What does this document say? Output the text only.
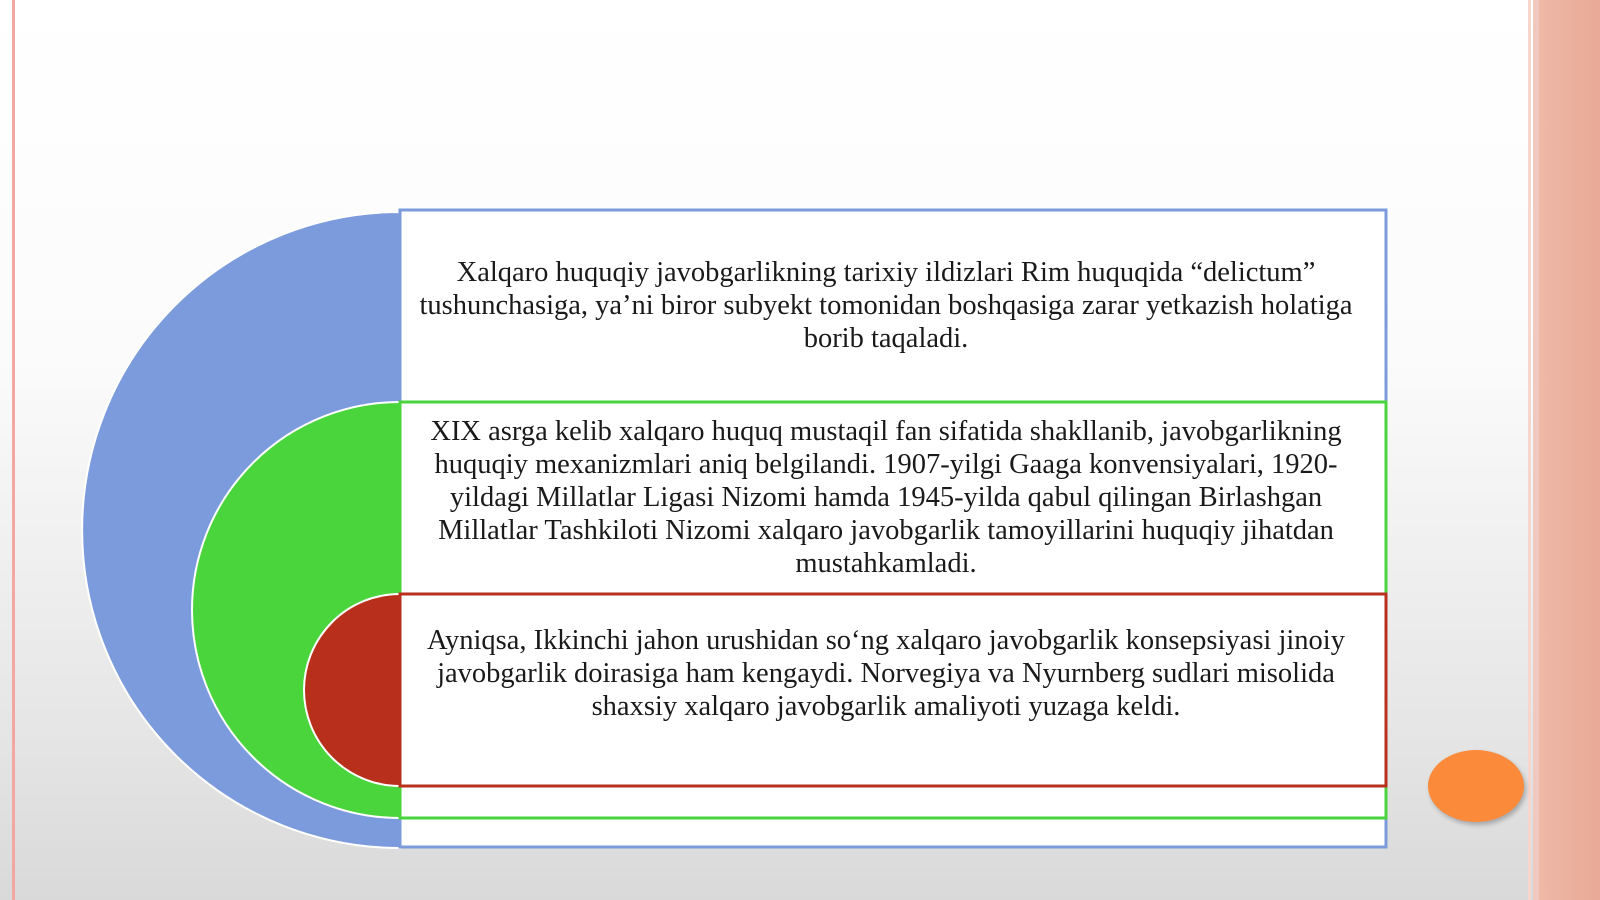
Xalqaro huquqiy javobgarlikning tarixiy ildizlari Rim huquqida “delictum” tushunchasiga, ya’ni biror subyekt tomonidan boshqasiga zarar yetkazish holatiga borib taqaladi.
XIX asrga kelib xalqaro huquq mustaqil fan sifatida shakllanib, javobgarlikning huquqiy mexanizmlari aniq belgilandi. 1907-yilgi Gaaga konvensiyalari, 1920-yildagi Millatlar Ligasi Nizomi hamda 1945-yilda qabul qilingan Birlashgan Millatlar Tashkiloti Nizomi xalqaro javobgarlik tamoyillarini huquqiy jihatdan mustahkamladi.
Ayniqsa, Ikkinchi jahon urushidan so‘ng xalqaro javobgarlik konsepsiyasi jinoiy javobgarlik doirasiga ham kengaydi. Norvegiya va Nyurnberg sudlari misolida shaxsiy xalqaro javobgarlik amaliyoti yuzaga keldi.
